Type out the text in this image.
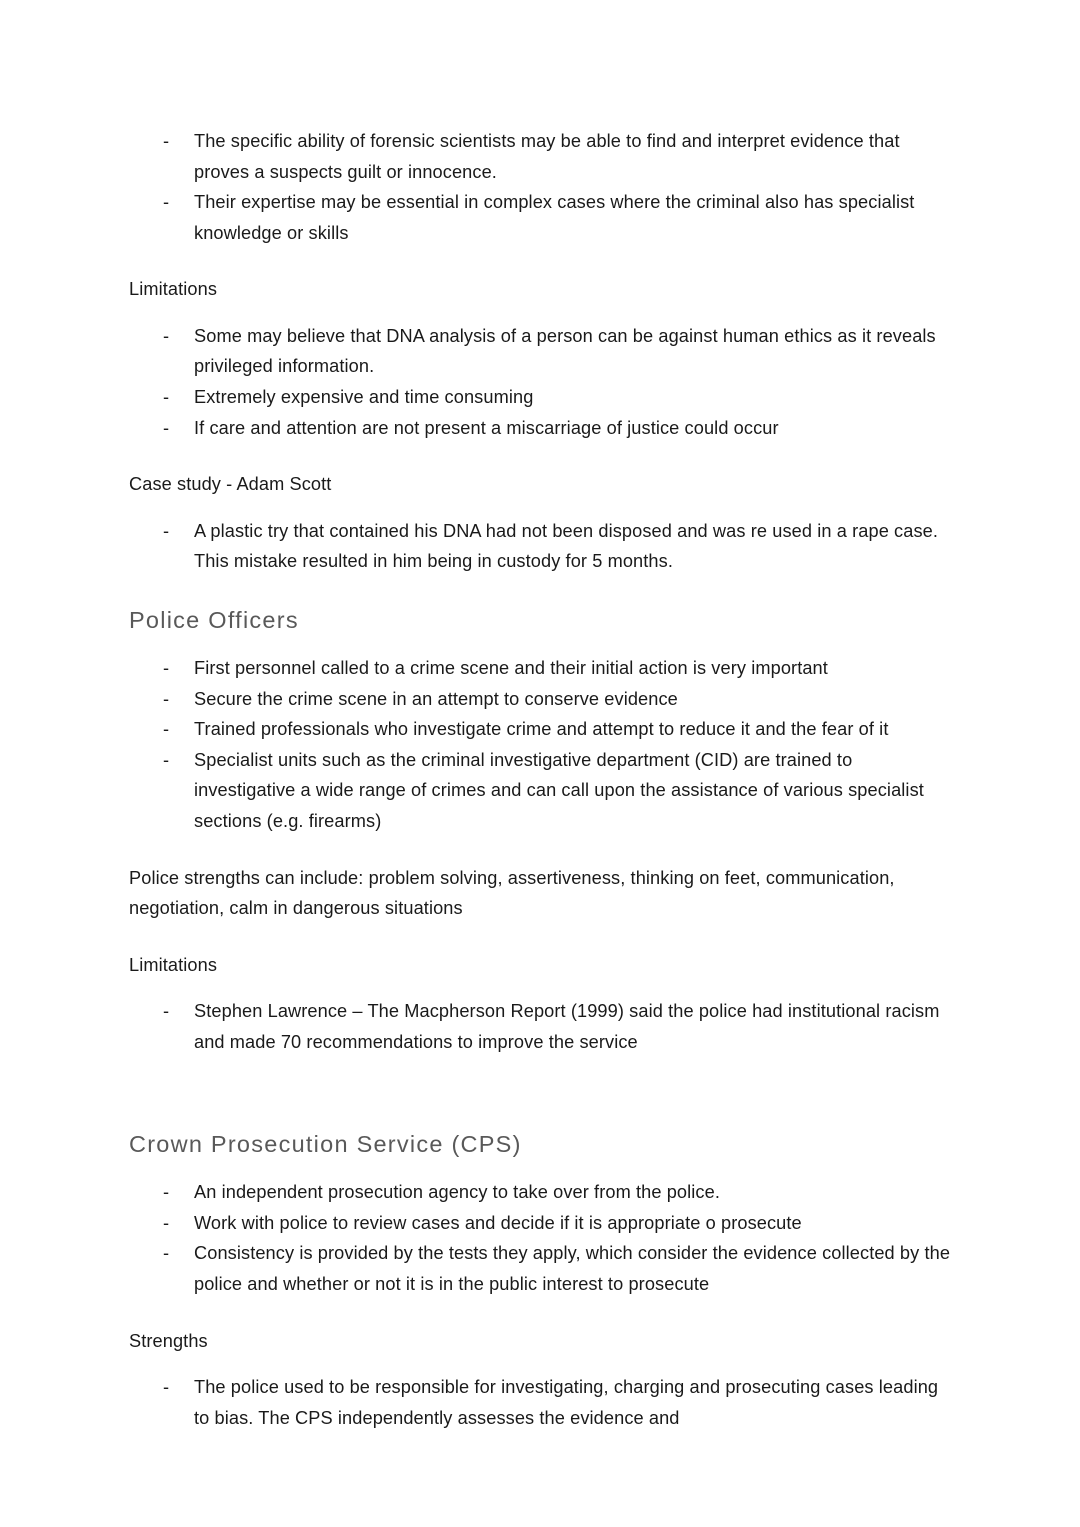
- The specific ability of forensic scientists may be able to find and interpret evidence that proves a suspects guilt or innocence.
- Their expertise may be essential in complex cases where the criminal also has specialist knowledge or skills

Limitations

- Some may believe that DNA analysis of a person can be against human ethics as it reveals privileged information.
- Extremely expensive and time consuming
- If care and attention are not present a miscarriage of justice could occur

Case study - Adam Scott

- A plastic try that contained his DNA had not been disposed and was re used in a rape case. This mistake resulted in him being in custody for 5 months.
Police Officers
- First personnel called to a crime scene and their initial action is very important
- Secure the crime scene in an attempt to conserve evidence
- Trained professionals who investigate crime and attempt to reduce it and the fear of it
- Specialist units such as the criminal investigative department (CID) are trained to investigative a wide range of crimes and can call upon the assistance of various specialist sections (e.g. firearms)

Police strengths can include: problem solving, assertiveness, thinking on feet, communication, negotiation, calm in dangerous situations

Limitations

- Stephen Lawrence – The Macpherson Report (1999) said the police had institutional racism and made 70 recommendations to improve the service
Crown Prosecution Service (CPS)
- An independent prosecution agency to take over from the police.
- Work with police to review cases and decide if it is appropriate o prosecute
- Consistency is provided by the tests they apply, which consider the evidence collected by the police and whether or not it is in the public interest to prosecute

Strengths

- The police used to be responsible for investigating, charging and prosecuting cases leading to bias. The CPS independently assesses the evidence and
